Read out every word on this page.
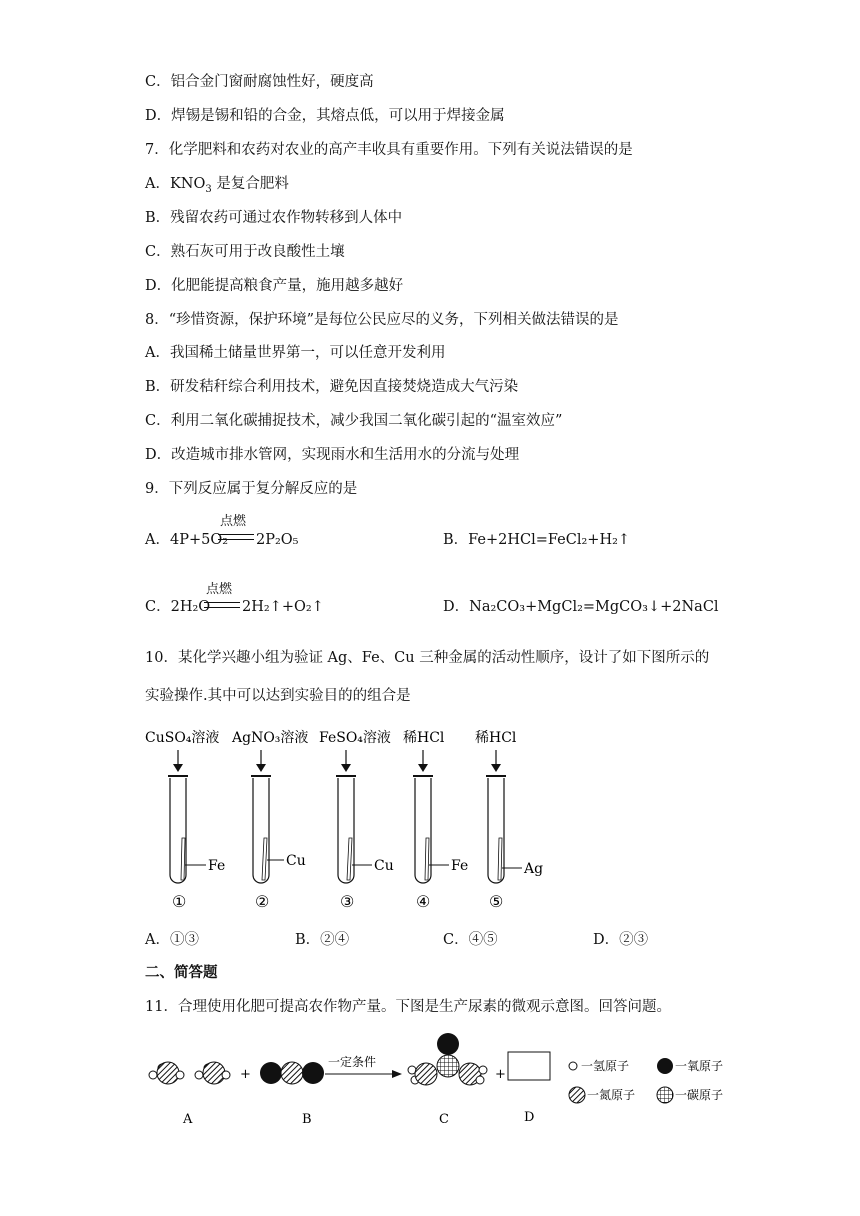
C．铝合金门窗耐腐蚀性好，硬度高
D．焊锡是锡和铅的合金，其熔点低，可以用于焊接金属
7．化学肥料和农药对农业的高产丰收具有重要作用。下列有关说法错误的是
A．$KNO_3$ 是复合肥料
B．残留农药可通过农作物转移到人体中
C．熟石灰可用于改良酸性土壤
D．化肥能提高粮食产量，施用越多越好
8．“珍惜资源，保护环境”是每位公民应尽的义务，下列相关做法错误的是
A．我国稀土储量世界第一，可以任意开发利用
B．研发秸秆综合利用技术，避免因直接焚烧造成大气污染
C．利用二氧化碳捕捉技术，减少我国二氧化碳引起的“温室效应”
D．改造城市排水管网，实现雨水和生活用水的分流与处理
9．下列反应属于复分解反应的是
A．4P+5O₂
点燃
2P₂O₅	B．Fe+2HCl=FeCl₂+H₂↑
C．2H₂O
点燃
2H₂↑+O₂↑	D．Na₂CO₃+MgCl₂=MgCO₃↓+2NaCl
10．某化学兴趣小组为验证 Ag、Fe、Cu 三种金属的活动性顺序，设计了如下图所示的
实验操作.其中可以达到实验目的的组合是
CuSO₄溶液
Fe
①
AgNO₃溶液
Cu
②
FeSO₄溶液
Cu
③
稀HCl
Fe
④
稀HCl
Ag
⑤
A．①③	B．②④	C．④⑤	D．②③
二、简答题
11．合理使用化肥可提高农作物产量。下图是生产尿素的微观示意图。回答问题。
A
+
B
一定条件
C
+
D
一氢原子	一氧原子
一氮原子	一碳原子
